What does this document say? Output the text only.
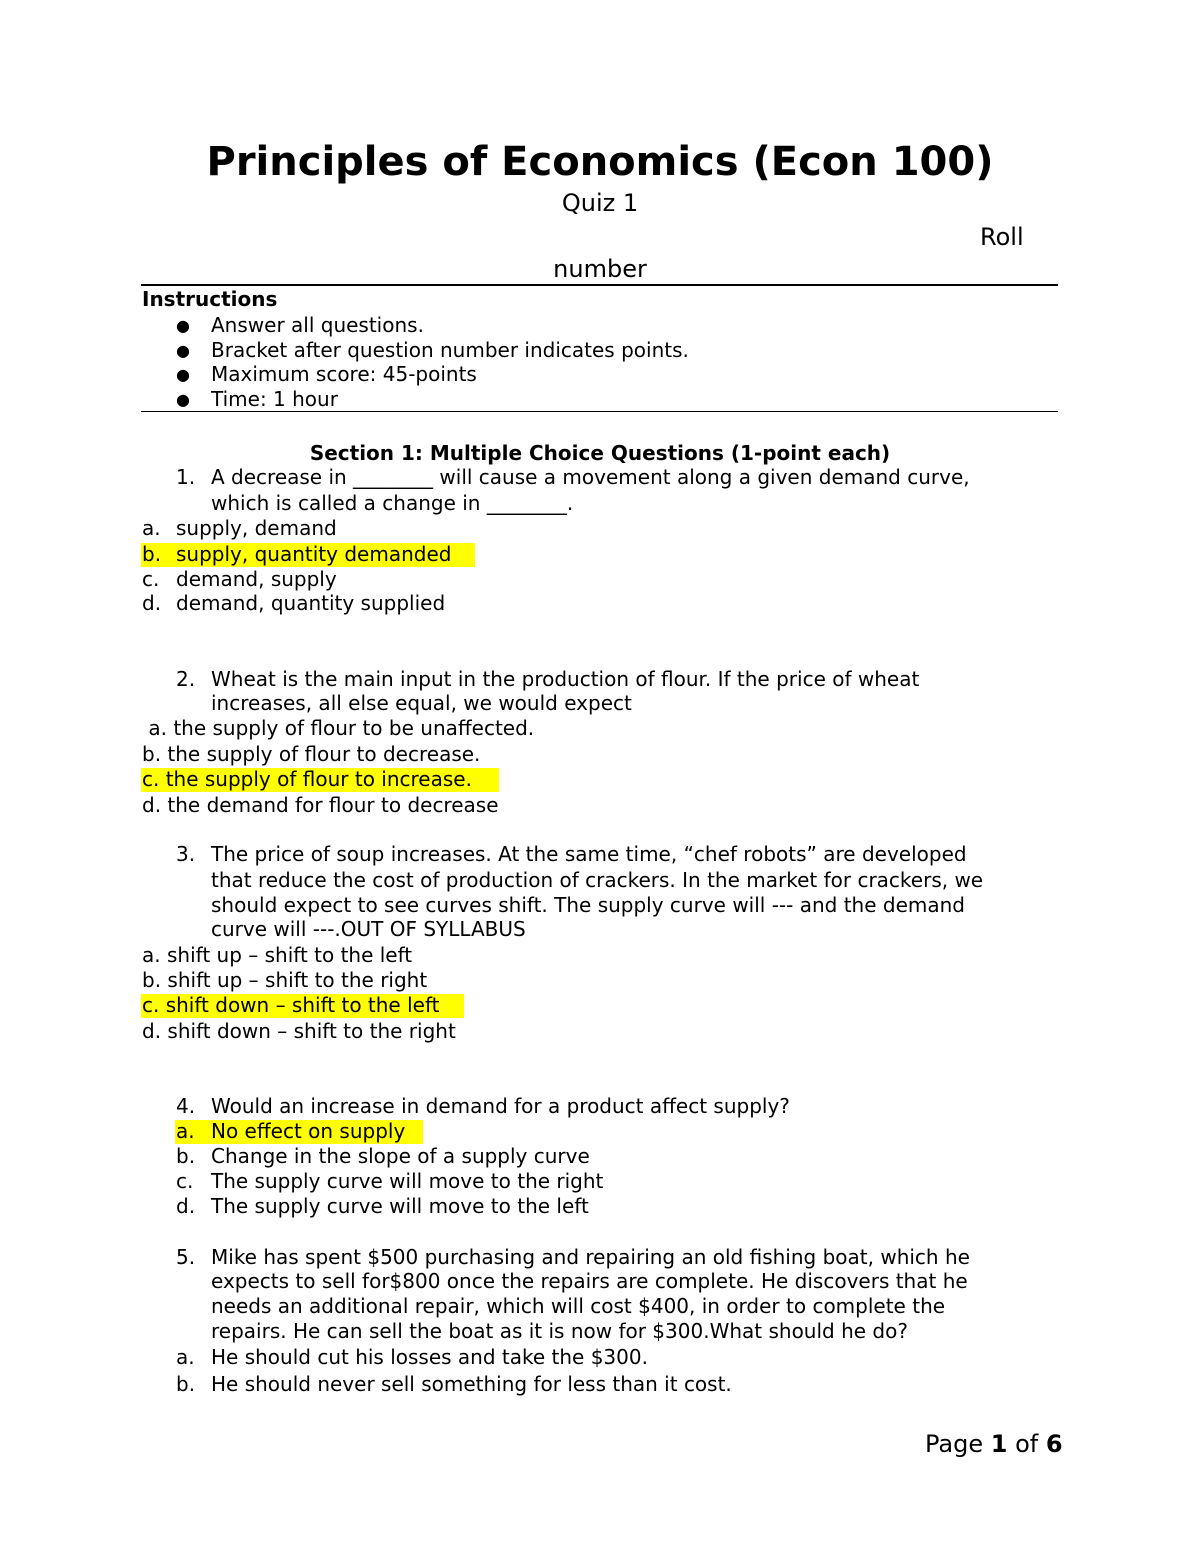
Principles of Economics (Econ 100)
Quiz 1
Roll
number
Instructions
● Answer all questions.
● Bracket after question number indicates points.
● Maximum score: 45-points
● Time: 1 hour
Section 1: Multiple Choice Questions (1-point each)
1. A decrease in ________ will cause a movement along a given demand curve,
which is called a change in ________.
a. supply, demand
b. supply, quantity demanded
c. demand, supply
d. demand, quantity supplied
2. Wheat is the main input in the production of flour. If the price of wheat
increases, all else equal, we would expect
a. the supply of flour to be unaffected.
b. the supply of flour to decrease.
c. the supply of flour to increase.
d. the demand for flour to decrease
3. The price of soup increases. At the same time, “chef robots” are developed
that reduce the cost of production of crackers. In the market for crackers, we
should expect to see curves shift. The supply curve will --- and the demand
curve will ---.OUT OF SYLLABUS
a. shift up – shift to the left
b. shift up – shift to the right
c. shift down – shift to the left
d. shift down – shift to the right
4. Would an increase in demand for a product affect supply?
a. No effect on supply
b. Change in the slope of a supply curve
c. The supply curve will move to the right
d. The supply curve will move to the left
5. Mike has spent $500 purchasing and repairing an old fishing boat, which he
expects to sell for$800 once the repairs are complete. He discovers that he
needs an additional repair, which will cost $400, in order to complete the
repairs. He can sell the boat as it is now for $300.What should he do?
a. He should cut his losses and take the $300.
b. He should never sell something for less than it cost.
Page 1 of 6
